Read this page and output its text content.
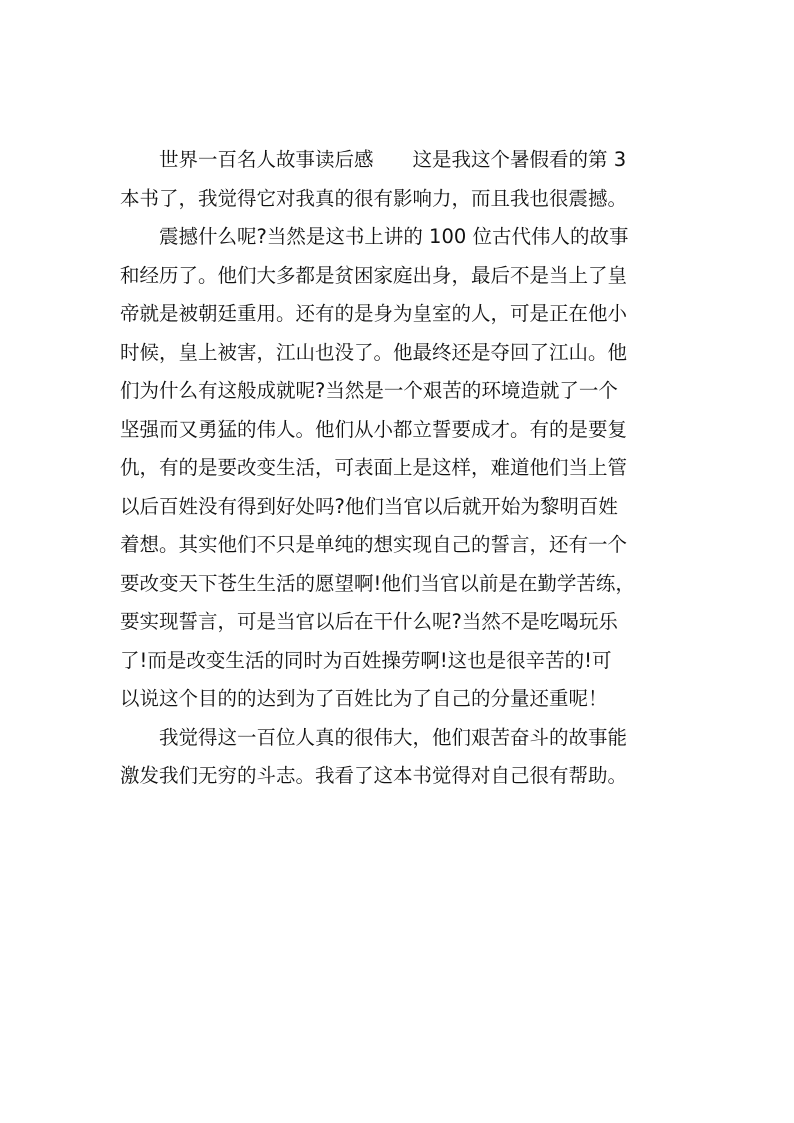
　　世界一百名人故事读后感　　这是我这个暑假看的第 3

本书了，我觉得它对我真的很有影响力，而且我也很震撼。

　　震撼什么呢?当然是这书上讲的 100 位古代伟人的故事

和经历了。他们大多都是贫困家庭出身，最后不是当上了皇

帝就是被朝廷重用。还有的是身为皇室的人，可是正在他小

时候，皇上被害，江山也没了。他最终还是夺回了江山。他

们为什么有这般成就呢?当然是一个艰苦的环境造就了一个

坚强而又勇猛的伟人。他们从小都立誓要成才。有的是要复

仇，有的是要改变生活，可表面上是这样，难道他们当上管

以后百姓没有得到好处吗?他们当官以后就开始为黎明百姓

着想。其实他们不只是单纯的想实现自己的誓言，还有一个

要改变天下苍生生活的愿望啊!他们当官以前是在勤学苦练，

要实现誓言，可是当官以后在干什么呢?当然不是吃喝玩乐

了!而是改变生活的同时为百姓操劳啊!这也是很辛苦的!可

以说这个目的的达到为了百姓比为了自己的分量还重呢！

　　我觉得这一百位人真的很伟大，他们艰苦奋斗的故事能

激发我们无穷的斗志。我看了这本书觉得对自己很有帮助。
